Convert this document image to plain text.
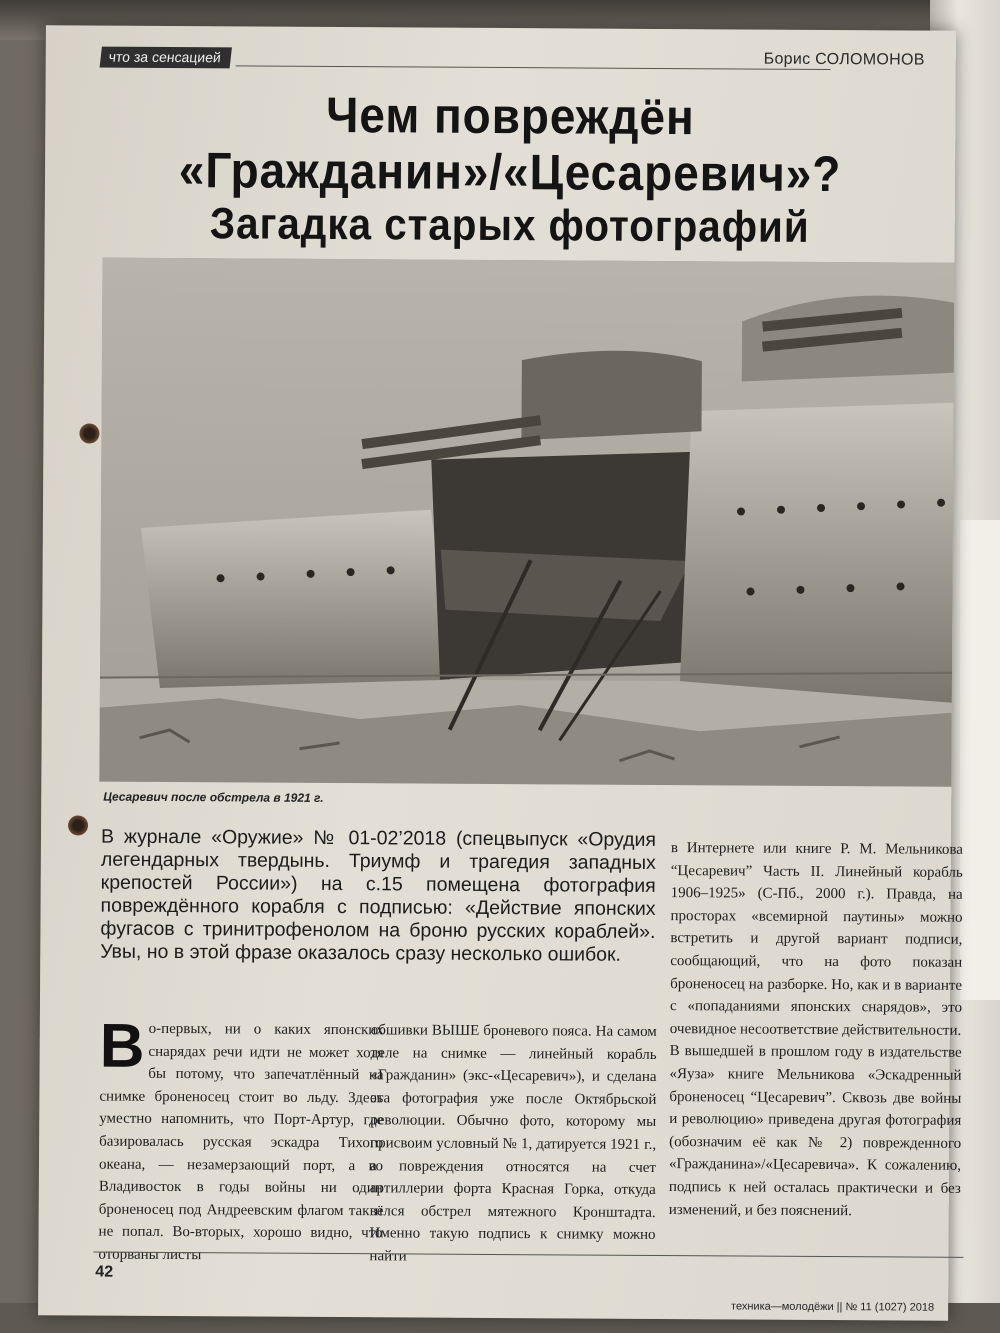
что за сенсацией	Борис СОЛОМОНОВ
Чем повреждён
«Гражданин»/«Цесаревич»?
Загадка старых фотографий
Цесаревич после обстрела в 1921 г.
В журнале «Оружие» № 01-02’2018 (спецвыпуск «Орудия легендарных твердынь. Триумф и трагедия западных крепостей России») на с.15 помещена фотография повреждённого корабля с подписью: «Действие японских фугасов с тринитрофенолом на броню русских кораблей». Увы, но в этой фразе оказалось сразу несколько ошибок.
В о-первых, ни о каких японских снарядах речи идти не может хотя бы потому, что запечатлённый на снимке броненосец стоит во льду. Здесь уместно напомнить, что Порт-Артур, где базировалась русская эскадра Тихого океана, — незамерзающий порт, а во Владивосток в годы войны ни один броненосец под Андреевским флагом так и не попал. Во-вторых, хорошо видно, что оторваны листы

обшивки ВЫШЕ броневого пояса. На самом деле на снимке — линейный корабль «Гражданин» (экс-«Цесаревич»), и сделана эта фотография уже после Октябрьской революции. Обычно фото, которому мы присвоим условный № 1, датируется 1921 г., а повреждения относятся на счет артиллерии форта Красная Горка, откуда вёлся обстрел мятежного Кронштадта. Именно такую подпись к снимку можно найти

в Интернете или книге Р. М. Мельникова “Цесаревич” Часть II. Линейный корабль 1906–1925» (С-Пб., 2000 г.). Правда, на просторах «всемирной паутины» можно встретить и другой вариант подписи, сообщающий, что на фото показан броненосец на разборке. Но, как и в варианте с «попаданиями японских снарядов», это очевидное несоответствие действительности.

В вышедшей в прошлом году в издательстве «Яуза» книге Мельникова «Эскадренный броненосец “Цесаревич”. Сквозь две войны и революцию» приведена другая фотография (обозначим её как № 2) поврежденного «Гражданина»/«Цесаревича». К сожалению, подпись к ней осталась практически и без изменений, и без пояснений.

42
техника—молодёжи || № 11 (1027) 2018
